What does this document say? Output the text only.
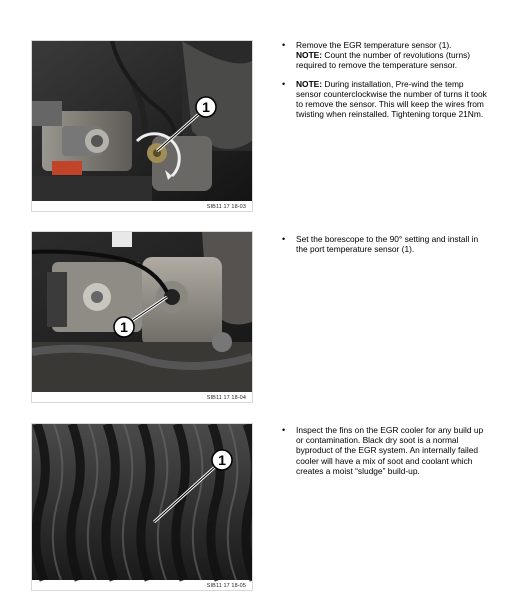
1
SIB11 17 18-03
• Remove the EGR temperature sensor (1).
NOTE: Count the number of revolutions (turns) required to remove the temperature sensor.
• NOTE: During installation, Pre-wind the temp sensor counterclockwise the number of turns it took to remove the sensor. This will keep the wires from twisting when reinstalled. Tightening torque 21Nm.
1
SIB11 17 18-04
• Set the borescope to the 90° setting and install in the port temperature sensor (1).
1
SIB11 17 18-05
• Inspect the fins on the EGR cooler for any build up or contamination. Black dry soot is a normal byproduct of the EGR system. An internally failed cooler will have a mix of soot and coolant which creates a moist “sludge” build-up.
